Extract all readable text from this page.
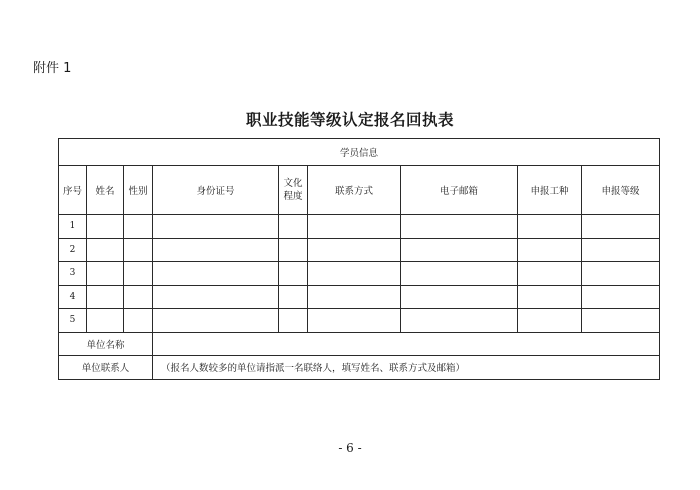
附件 1
职业技能等级认定报名回执表
学员信息								
序号	姓名	性别	身份证号	文化程度	联系方式	电子邮箱	申报工种	申报等级
1								
2								
3								
4								
5								
单位名称								
单位联系人			（报名人数较多的单位请指派一名联络人，填写姓名、联系方式及邮箱）					
- 6 -
